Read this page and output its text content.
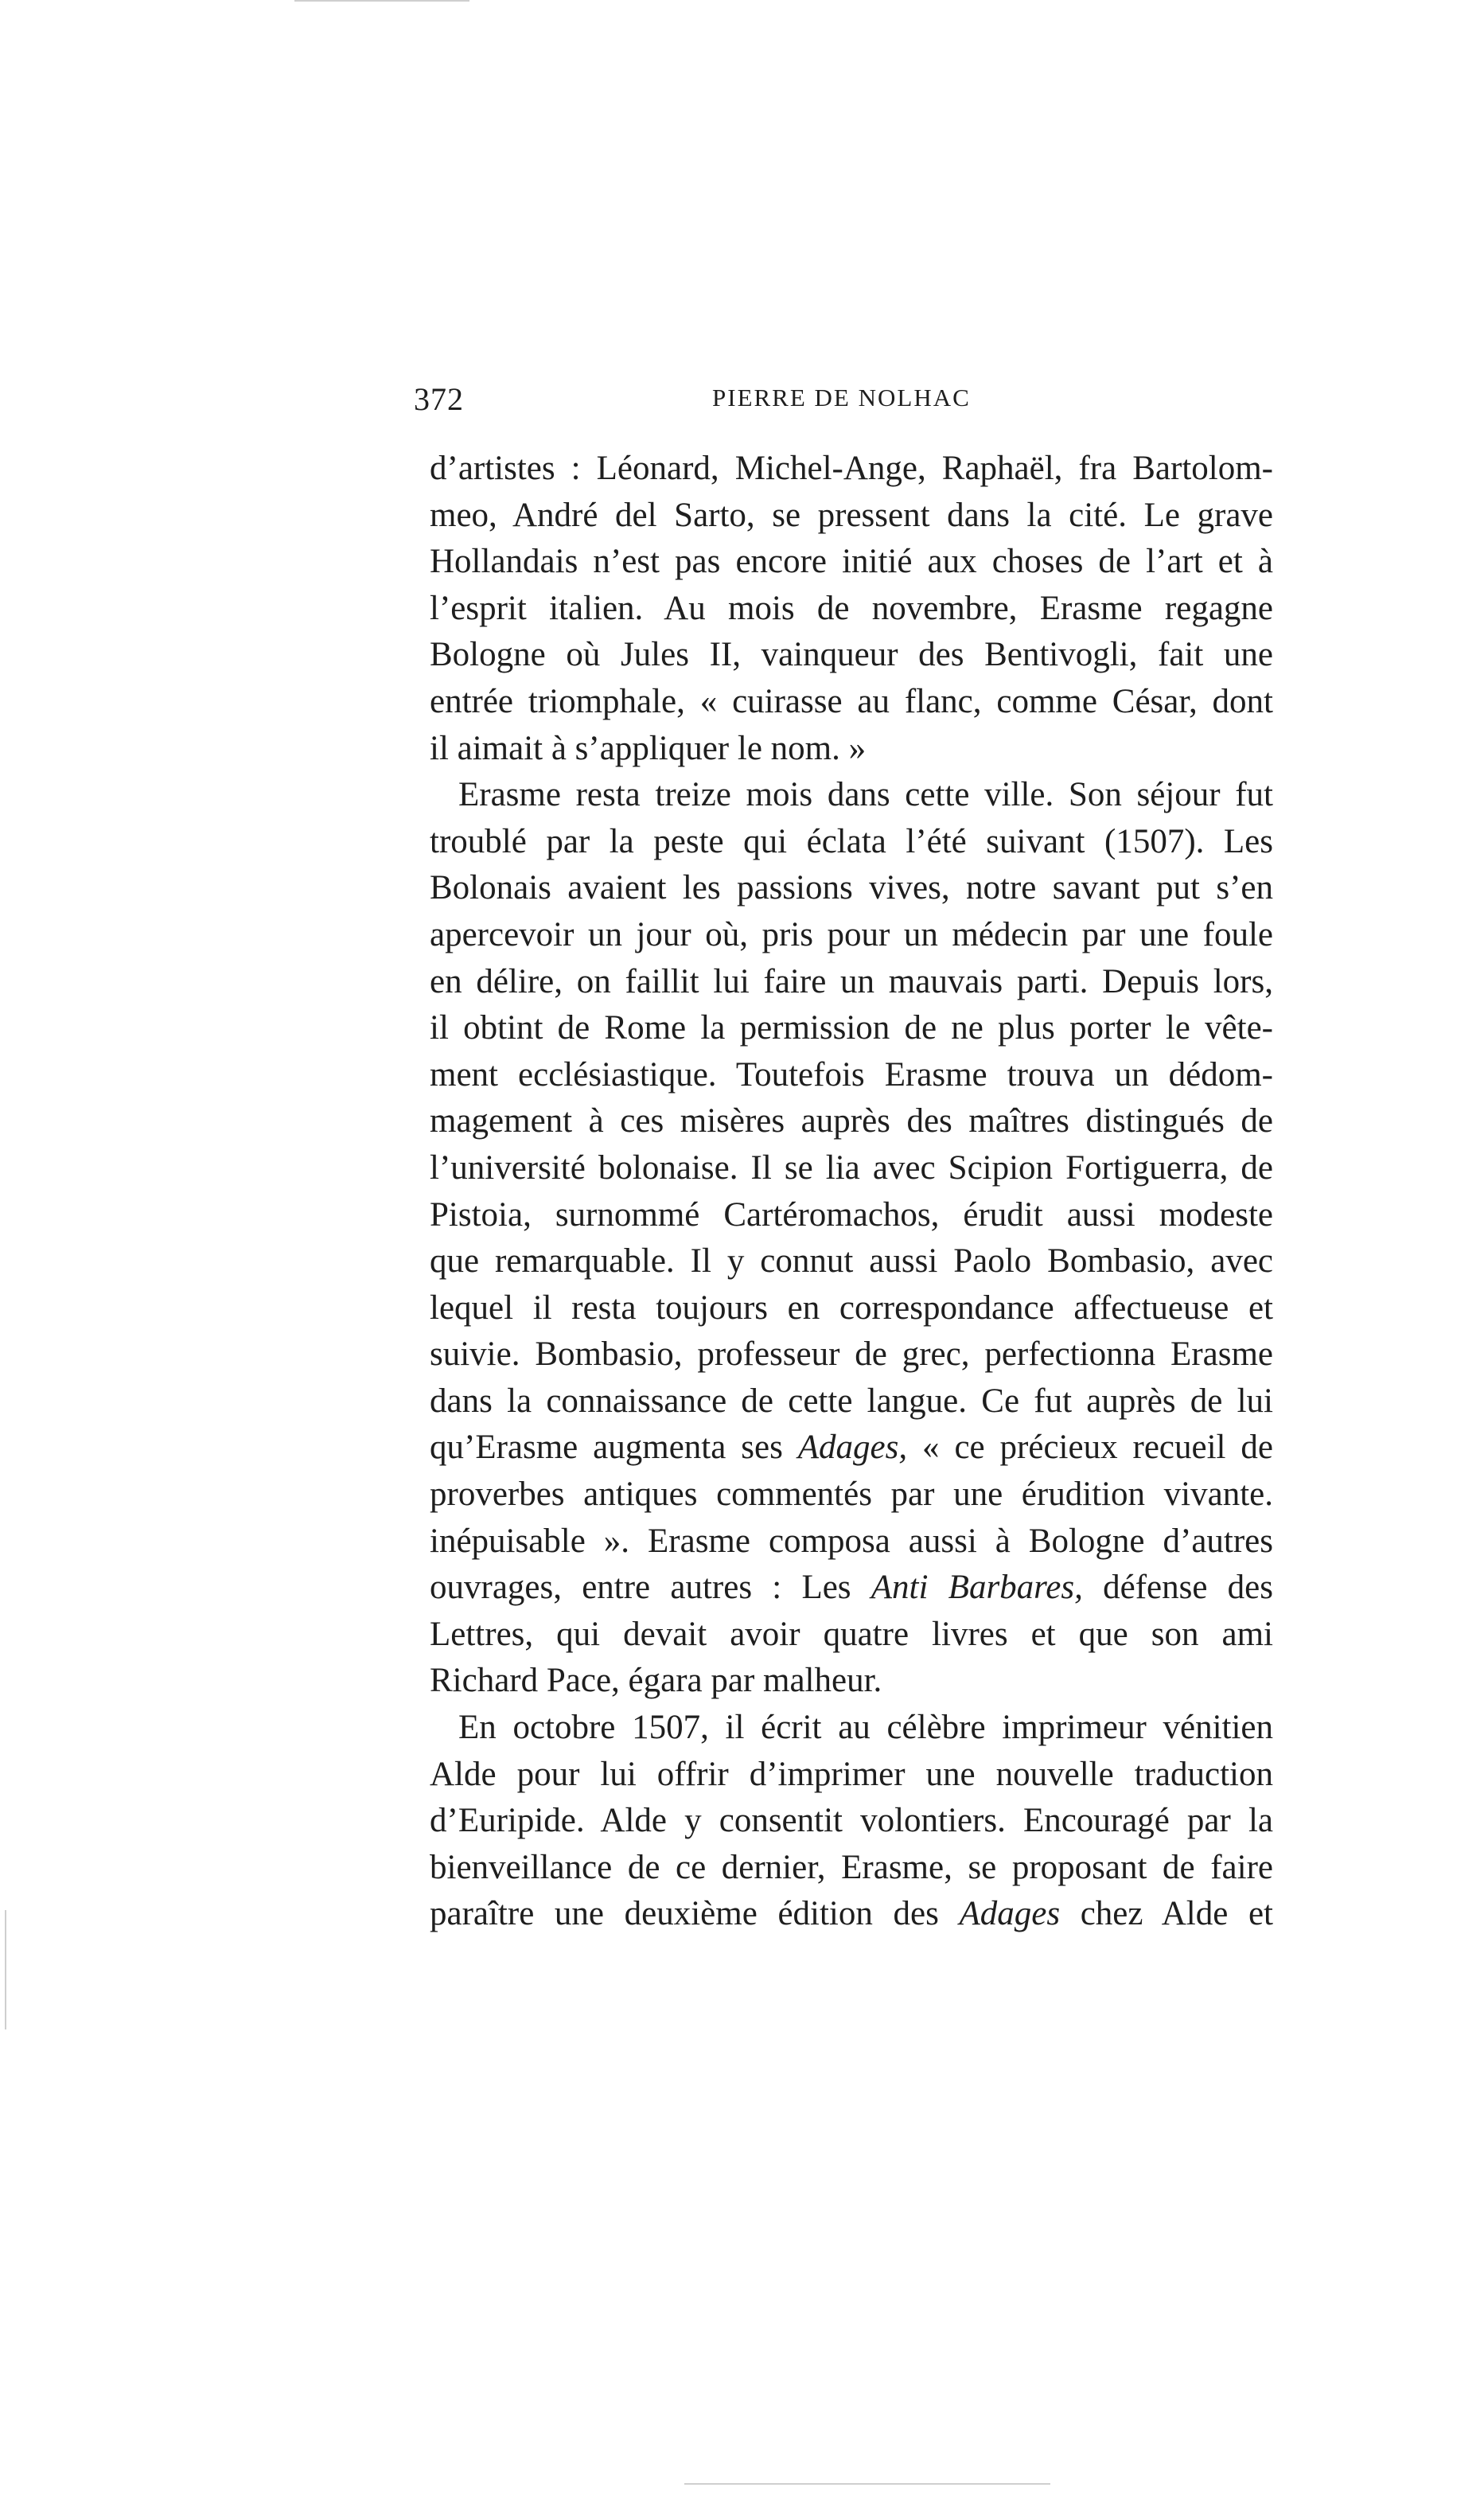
372	PIERRE DE NOLHAC
d’artistes : Léonard, Michel-Ange, Raphaël, fra Bartolom-
meo, André del Sarto, se pressent dans la cité. Le grave
Hollandais n’est pas encore initié aux choses de l’art et à
l’esprit italien. Au mois de novembre, Erasme regagne
Bologne où Jules II, vainqueur des Bentivogli, fait une
entrée triomphale, « cuirasse au flanc, comme César, dont
il aimait à s’appliquer le nom. »
Erasme resta treize mois dans cette ville. Son séjour fut
troublé par la peste qui éclata l’été suivant (1507). Les
Bolonais avaient les passions vives, notre savant put s’en
apercevoir un jour où, pris pour un médecin par une foule
en délire, on faillit lui faire un mauvais parti. Depuis lors,
il obtint de Rome la permission de ne plus porter le vête-
ment ecclésiastique. Toutefois Erasme trouva un dédom-
magement à ces misères auprès des maîtres distingués de
l’université bolonaise. Il se lia avec Scipion Fortiguerra, de
Pistoia, surnommé Cartéromachos, érudit aussi modeste
que remarquable. Il y connut aussi Paolo Bombasio, avec
lequel il resta toujours en correspondance affectueuse et
suivie. Bombasio, professeur de grec, perfectionna Erasme
dans la connaissance de cette langue. Ce fut auprès de lui
qu’Erasme augmenta ses Adages, « ce précieux recueil de
proverbes antiques commentés par une érudition vivante.
inépuisable ». Erasme composa aussi à Bologne d’autres
ouvrages, entre autres : Les Anti Barbares, défense des
Lettres, qui devait avoir quatre livres et que son ami
Richard Pace, égara par malheur.
En octobre 1507, il écrit au célèbre imprimeur vénitien
Alde pour lui offrir d’imprimer une nouvelle traduction
d’Euripide. Alde y consentit volontiers. Encouragé par la
bienveillance de ce dernier, Erasme, se proposant de faire
paraître une deuxième édition des Adages chez Alde et
